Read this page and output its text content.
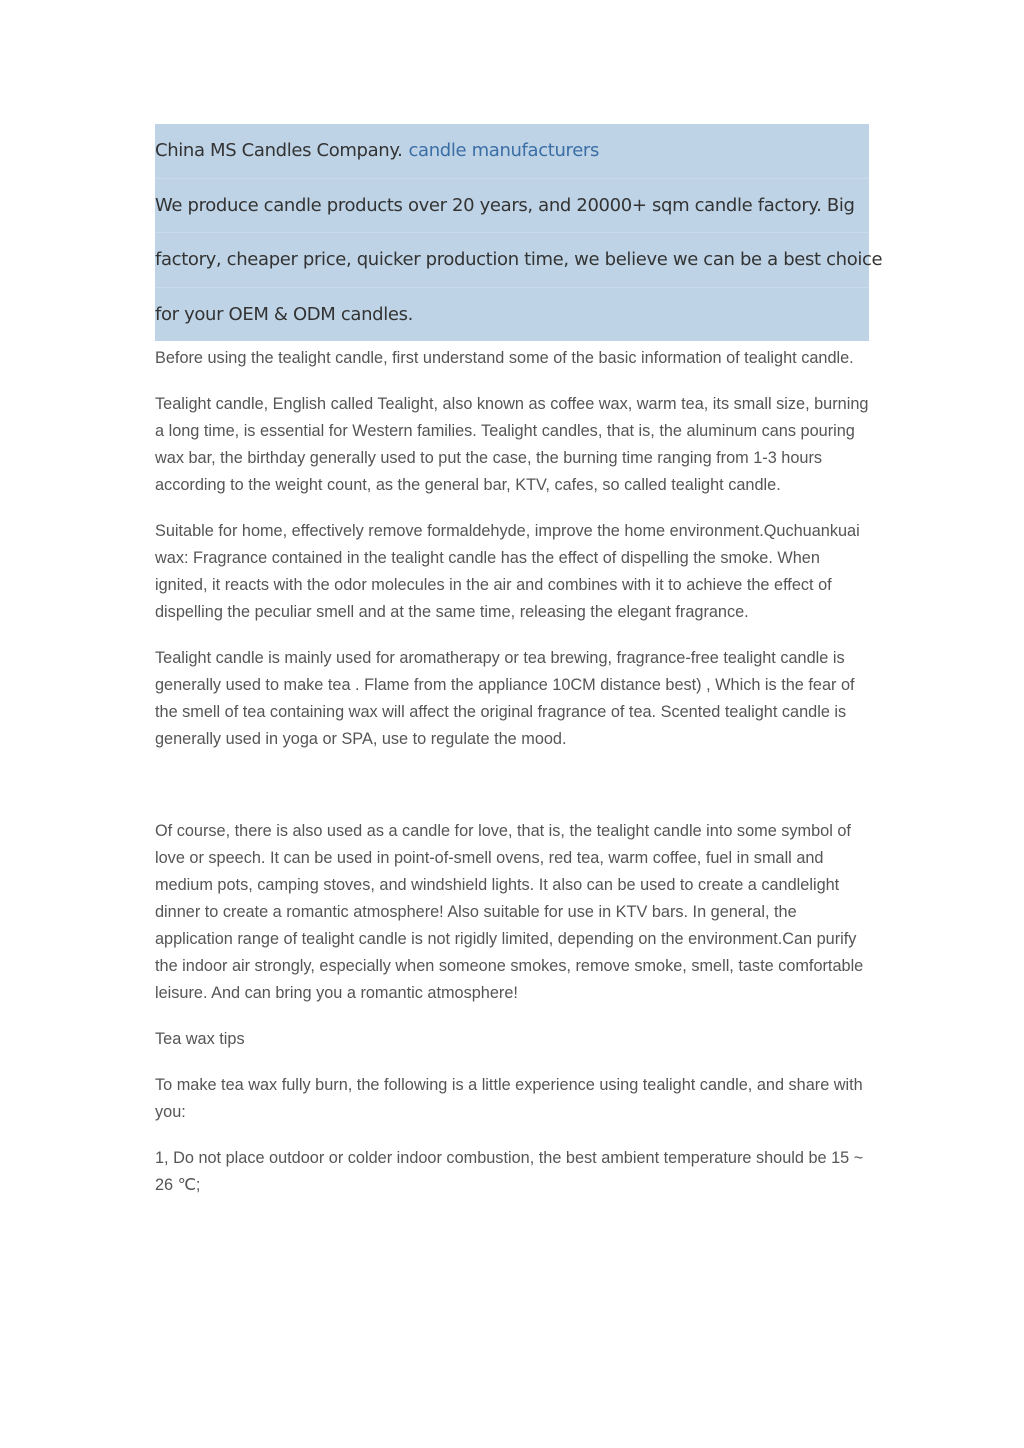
China MS Candles Company. candle manufacturers
We produce candle products over 20 years, and 20000+ sqm candle factory. Big
factory, cheaper price, quicker production time, we believe we can be a best choice
for your OEM & ODM candles.

Before using the tealight candle, first understand some of the basic information of tealight candle.

Tealight candle, English called Tealight, also known as coffee wax, warm tea, its small size, burning a long time, is essential for Western families. Tealight candles, that is, the aluminum cans pouring wax bar, the birthday generally used to put the case, the burning time ranging from 1-3 hours according to the weight count, as the general bar, KTV, cafes, so called tealight candle.

Suitable for home, effectively remove formaldehyde, improve the home environment.Quchuankuai wax: Fragrance contained in the tealight candle has the effect of dispelling the smoke. When ignited, it reacts with the odor molecules in the air and combines with it to achieve the effect of dispelling the peculiar smell and at the same time, releasing the elegant fragrance.

Tealight candle is mainly used for aromatherapy or tea brewing, fragrance-free tealight candle is generally used to make tea . Flame from the appliance 10CM distance best) , Which is the fear of the smell of tea containing wax will affect the original fragrance of tea. Scented tealight candle is generally used in yoga or SPA, use to regulate the mood.

Of course, there is also used as a candle for love, that is, the tealight candle into some symbol of love or speech. It can be used in point-of-smell ovens, red tea, warm coffee, fuel in small and medium pots, camping stoves, and windshield lights. It also can be used to create a candlelight dinner to create a romantic atmosphere! Also suitable for use in KTV bars. In general, the application range of tealight candle is not rigidly limited, depending on the environment.Can purify the indoor air strongly, especially when someone smokes, remove smoke, smell, taste comfortable leisure. And can bring you a romantic atmosphere!

Tea wax tips

To make tea wax fully burn, the following is a little experience using tealight candle, and share with you:

1, Do not place outdoor or colder indoor combustion, the best ambient temperature should be 15 ~ 26 ℃;
